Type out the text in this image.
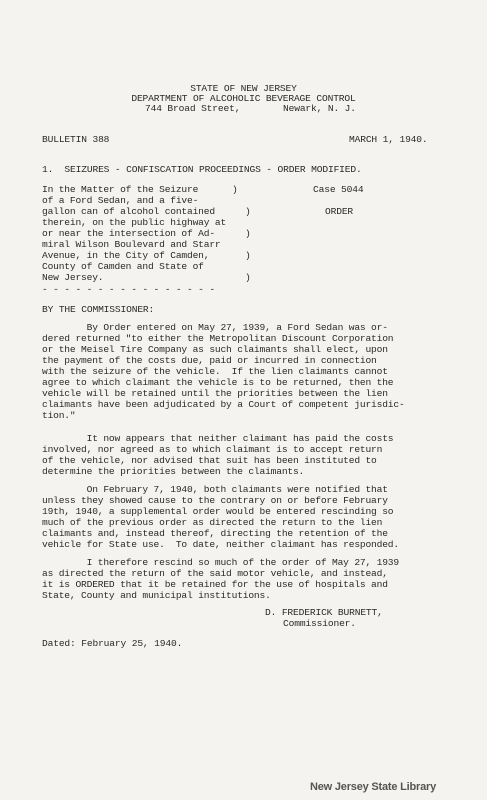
STATE OF NEW JERSEY
DEPARTMENT OF ALCOHOLIC BEVERAGE CONTROL
744 Broad Street,	Newark, N. J.
BULLETIN 388	MARCH 1, 1940.
1.  SEIZURES - CONFISCATION PROCEEDINGS - ORDER MODIFIED.
In the Matter of the Seizure
of a Ford Sedan, and a five-
gallon can of alcohol contained
therein, on the public highway at
or near the intersection of Ad-
miral Wilson Boulevard and Starr
Avenue, in the City of Camden,
County of Camden and State of
New Jersey.
)
)
)
)
)
- - - - - - - - - - - - - - - -
Case 5044
ORDER
BY THE COMMISSIONER:
By Order entered on May 27, 1939, a Ford Sedan was or-
dered returned "to either the Metropolitan Discount Corporation
or the Meisel Tire Company as such claimants shall elect, upon
the payment of the costs due, paid or incurred in connection
with the seizure of the vehicle.  If the lien claimants cannot
agree to which claimant the vehicle is to be returned, then the
vehicle will be retained until the priorities between the lien
claimants have been adjudicated by a Court of competent jurisdic-
tion."
It now appears that neither claimant has paid the costs
involved, nor agreed as to which claimant is to accept return
of the vehicle, nor advised that suit has been instituted to
determine the priorities between the claimants.
On February 7, 1940, both claimants were notified that
unless they showed cause to the contrary on or before February
19th, 1940, a supplemental order would be entered rescinding so
much of the previous order as directed the return to the lien
claimants and, instead thereof, directing the retention of the
vehicle for State use.  To date, neither claimant has responded.
I therefore rescind so much of the order of May 27, 1939
as directed the return of the said motor vehicle, and instead,
it is ORDERED that it be retained for the use of hospitals and
State, County and municipal institutions.
D. FREDERICK BURNETT,
Commissioner.
Dated: February 25, 1940.
New Jersey State Library
